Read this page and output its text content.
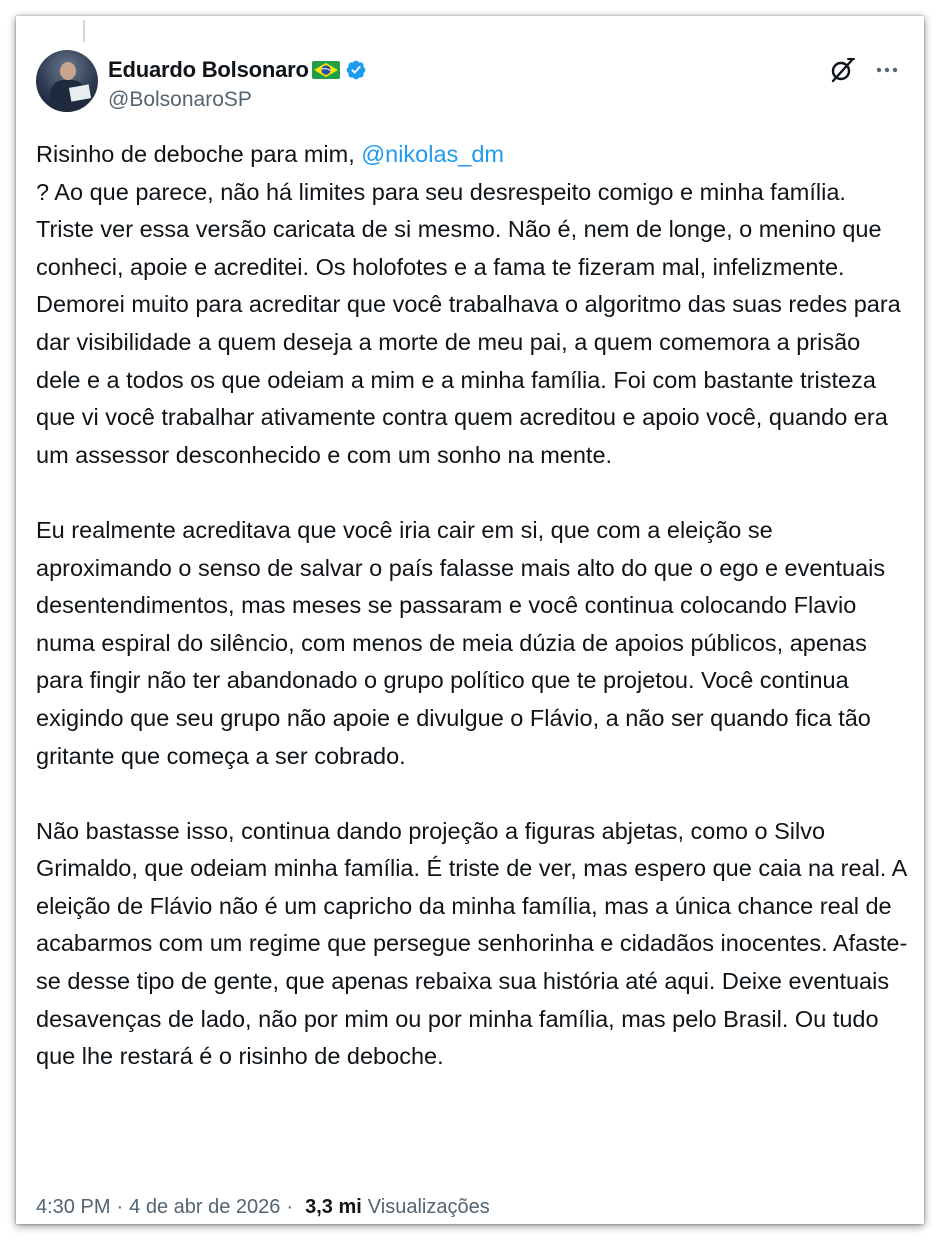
Eduardo Bolsonaro
@BolsonaroSP

Risinho de deboche para mim, @nikolas_dm
? Ao que parece, não há limites para seu desrespeito comigo e minha família. Triste ver essa versão caricata de si mesmo. Não é, nem de longe, o menino que conheci, apoie e acreditei. Os holofotes e a fama te fizeram mal, infelizmente. Demorei muito para acreditar que você trabalhava o algoritmo das suas redes para dar visibilidade a quem deseja a morte de meu pai, a quem comemora a prisão dele e a todos os que odeiam a mim e a minha família. Foi com bastante tristeza que vi você trabalhar ativamente contra quem acreditou e apoio você, quando era um assessor desconhecido e com um sonho na mente.

Eu realmente acreditava que você iria cair em si, que com a eleição se aproximando o senso de salvar o país falasse mais alto do que o ego e eventuais desentendimentos, mas meses se passaram e você continua colocando Flavio numa espiral do silêncio, com menos de meia dúzia de apoios públicos, apenas para fingir não ter abandonado o grupo político que te projetou. Você continua exigindo que seu grupo não apoie e divulgue o Flávio, a não ser quando fica tão gritante que começa a ser cobrado.

Não bastasse isso, continua dando projeção a figuras abjetas, como o Silvo Grimaldo, que odeiam minha família. É triste de ver, mas espero que caia na real. A eleição de Flávio não é um capricho da minha família, mas a única chance real de acabarmos com um regime que persegue senhorinha e cidadãos inocentes. Afaste-se desse tipo de gente, que apenas rebaixa sua história até aqui. Deixe eventuais desavenças de lado, não por mim ou por minha família, mas pelo Brasil. Ou tudo que lhe restará é o risinho de deboche.

4:30 PM · 4 de abr de 2026 · 3,3 mi Visualizações
